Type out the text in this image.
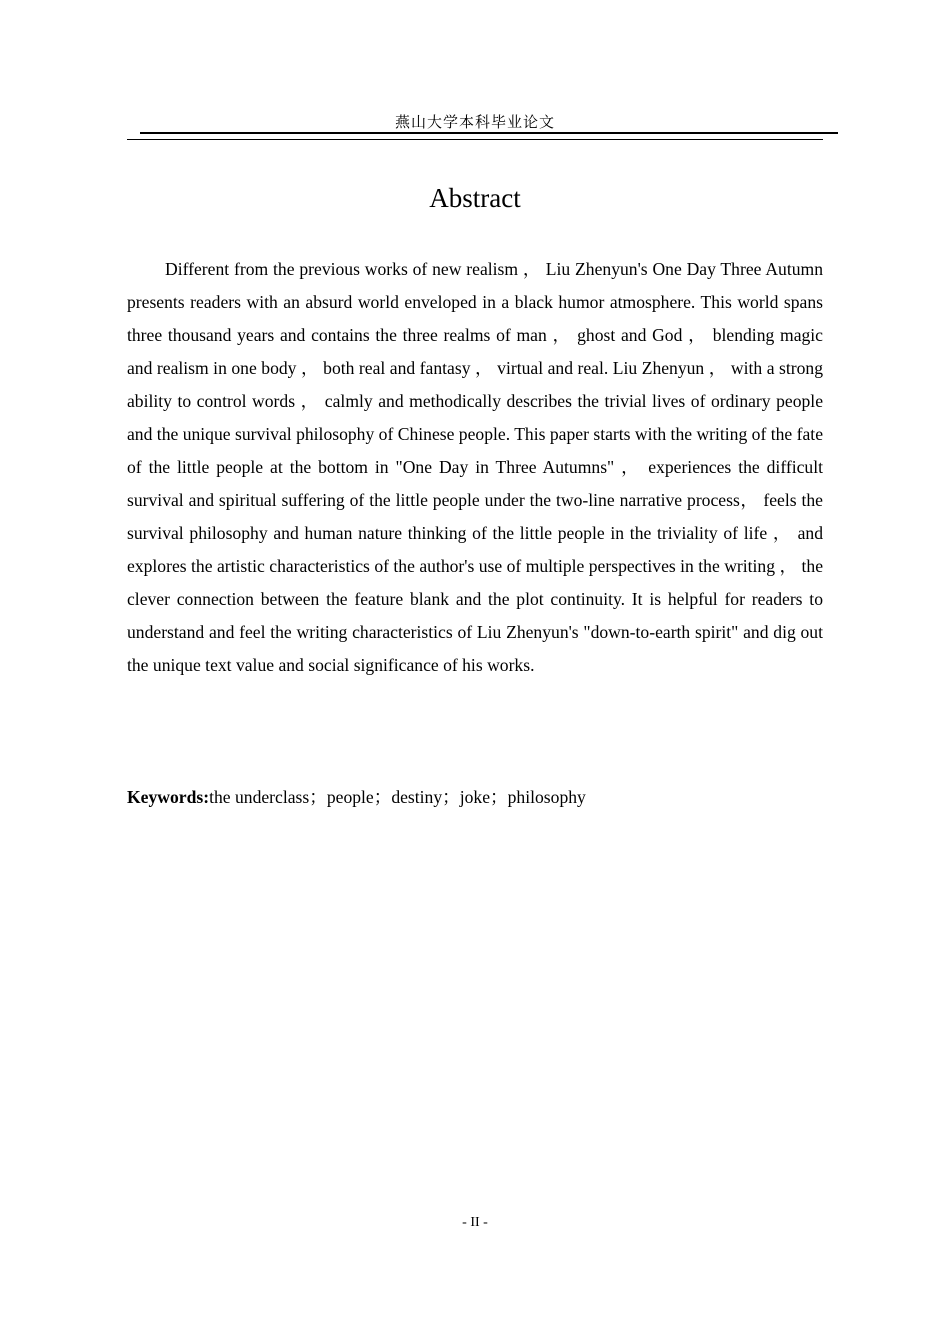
燕山大学本科毕业论文
Abstract

Different from the previous works of new realism ， Liu Zhenyun's One Day Three Autumn presents readers with an absurd world enveloped in a black humor atmosphere. This world spans three thousand years and contains the three realms of man ， ghost and God ， blending magic and realism in one body ， both real and fantasy ， virtual and real. Liu Zhenyun ， with a strong ability to control words ， calmly and methodically describes the trivial lives of ordinary people and the unique survival philosophy of Chinese people. This paper starts with the writing of the fate of the little people at the bottom in "One Day in Three Autumns" ， experiences the difficult survival and spiritual suffering of the little people under the two-line narrative process， feels the survival philosophy and human nature thinking of the little people in the triviality of life ， and explores the artistic characteristics of the author's use of multiple perspectives in the writing ， the clever connection between the feature blank and the plot continuity. It is helpful for readers to understand and feel the writing characteristics of Liu Zhenyun's "down-to-earth spirit" and dig out the unique text value and social significance of his works.

Keywords:the underclass；people；destiny；joke；philosophy
- II -
